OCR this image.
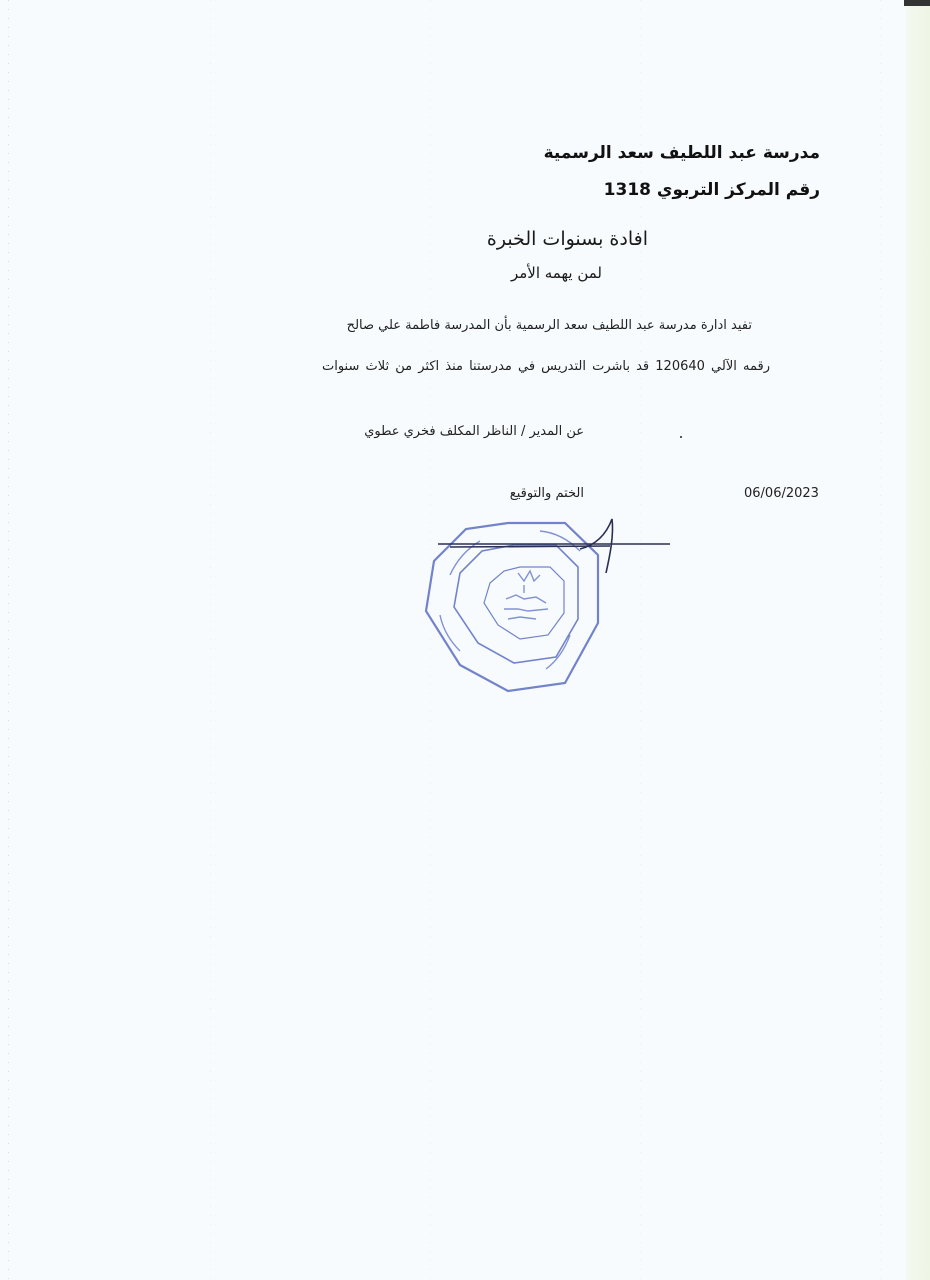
مدرسة عبد اللطيف سعد الرسمية
رقم المركز التربوي 1318
افادة بسنوات الخبرة
لمن يهمه الأمر
تفيد ادارة مدرسة عبد اللطيف سعد الرسمية بأن المدرسة فاطمة علي صالح
رقمه الآلي 120640 قد باشرت التدريس في مدرستنا منذ اكثر من ثلاث سنوات
عن المدير / الناظر المكلف فخري عطوي
الختم والتوقيع	06/06/2023
